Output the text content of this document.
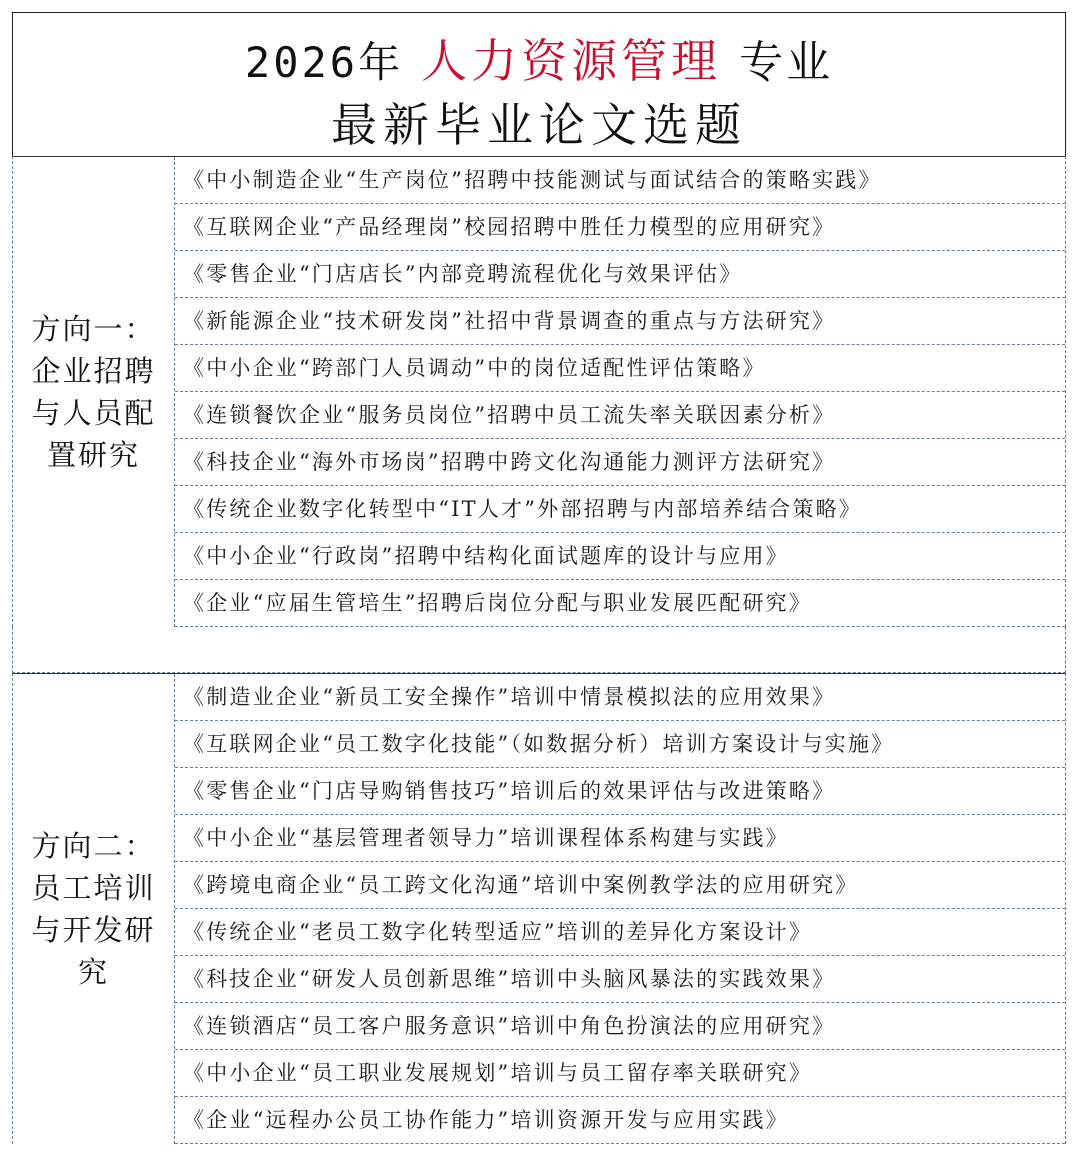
2026年 人力资源管理 专业
最新毕业论文选题
方向一：
企业招聘
与人员配
置研究
《中小制造企业“生产岗位”招聘中技能测试与面试结合的策略实践》
《互联网企业“产品经理岗”校园招聘中胜任力模型的应用研究》
《零售企业“门店店长”内部竞聘流程优化与效果评估》
《新能源企业“技术研发岗”社招中背景调查的重点与方法研究》
《中小企业“跨部门人员调动”中的岗位适配性评估策略》
《连锁餐饮企业“服务员岗位”招聘中员工流失率关联因素分析》
《科技企业“海外市场岗”招聘中跨文化沟通能力测评方法研究》
《传统企业数字化转型中“IT人才”外部招聘与内部培养结合策略》
《中小企业“行政岗”招聘中结构化面试题库的设计与应用》
《企业“应届生管培生”招聘后岗位分配与职业发展匹配研究》
方向二：
员工培训
与开发研
究
《制造业企业“新员工安全操作”培训中情景模拟法的应用效果》
《互联网企业“员工数字化技能”（如数据分析）培训方案设计与实施》
《零售企业“门店导购销售技巧”培训后的效果评估与改进策略》
《中小企业“基层管理者领导力”培训课程体系构建与实践》
《跨境电商企业“员工跨文化沟通”培训中案例教学法的应用研究》
《传统企业“老员工数字化转型适应”培训的差异化方案设计》
《科技企业“研发人员创新思维”培训中头脑风暴法的实践效果》
《连锁酒店“员工客户服务意识”培训中角色扮演法的应用研究》
《中小企业“员工职业发展规划”培训与员工留存率关联研究》
《企业“远程办公员工协作能力”培训资源开发与应用实践》
